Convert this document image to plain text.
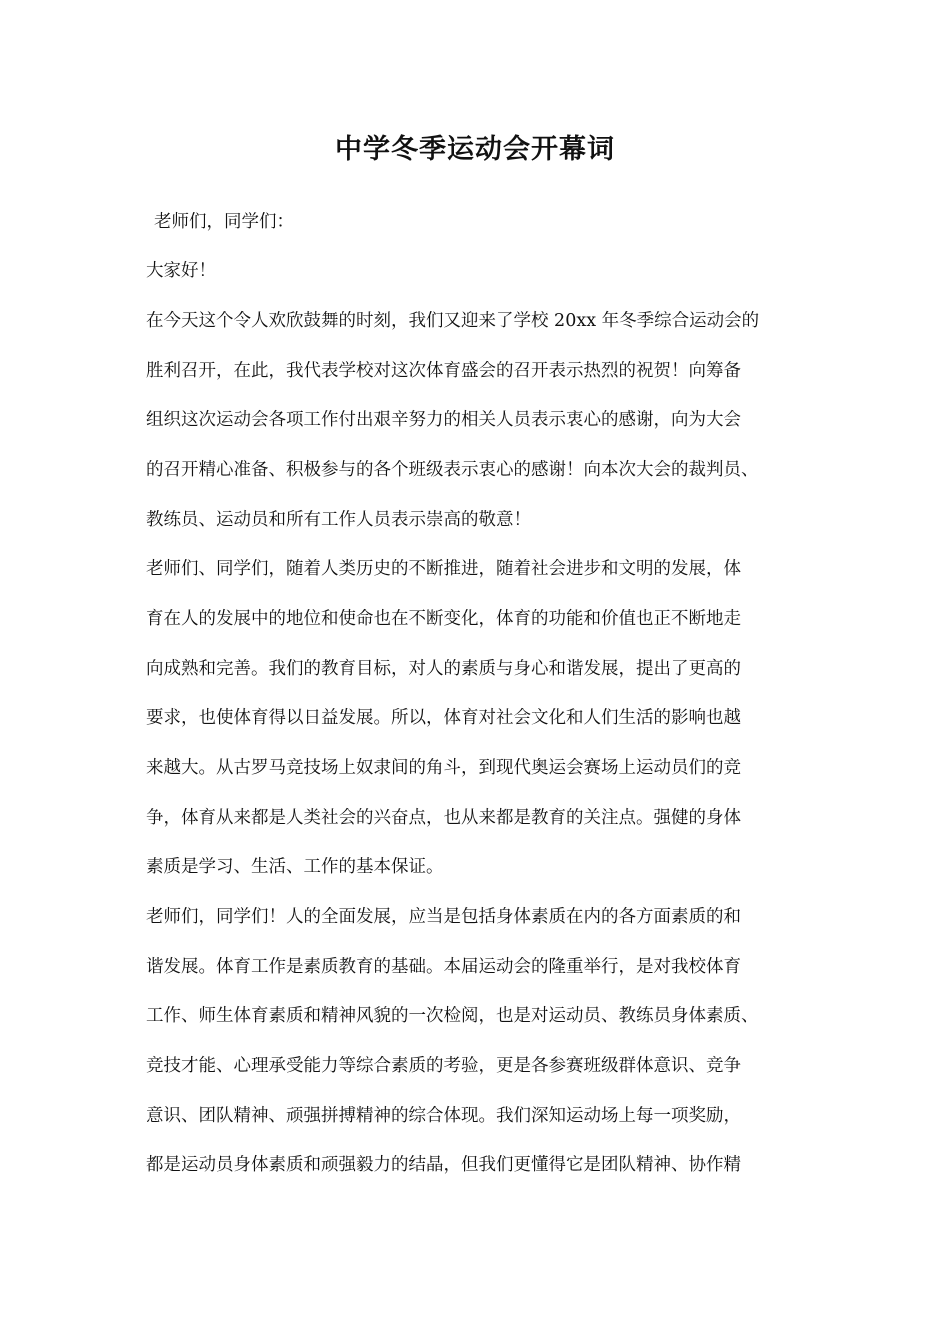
中学冬季运动会开幕词
老师们，同学们：
大家好！
在今天这个令人欢欣鼓舞的时刻，我们又迎来了学校 20xx 年冬季综合运动会的
胜利召开，在此，我代表学校对这次体育盛会的召开表示热烈的祝贺！向筹备
组织这次运动会各项工作付出艰辛努力的相关人员表示衷心的感谢，向为大会
的召开精心准备、积极参与的各个班级表示衷心的感谢！向本次大会的裁判员、
教练员、运动员和所有工作人员表示崇高的敬意！
老师们、同学们，随着人类历史的不断推进，随着社会进步和文明的发展，体
育在人的发展中的地位和使命也在不断变化，体育的功能和价值也正不断地走
向成熟和完善。我们的教育目标，对人的素质与身心和谐发展，提出了更高的
要求，也使体育得以日益发展。所以，体育对社会文化和人们生活的影响也越
来越大。从古罗马竞技场上奴隶间的角斗，到现代奥运会赛场上运动员们的竞
争，体育从来都是人类社会的兴奋点，也从来都是教育的关注点。强健的身体
素质是学习、生活、工作的基本保证。
老师们，同学们！人的全面发展，应当是包括身体素质在内的各方面素质的和
谐发展。体育工作是素质教育的基础。本届运动会的隆重举行，是对我校体育
工作、师生体育素质和精神风貌的一次检阅，也是对运动员、教练员身体素质、
竞技才能、心理承受能力等综合素质的考验，更是各参赛班级群体意识、竞争
意识、团队精神、顽强拼搏精神的综合体现。我们深知运动场上每一项奖励，
都是运动员身体素质和顽强毅力的结晶，但我们更懂得它是团队精神、协作精
